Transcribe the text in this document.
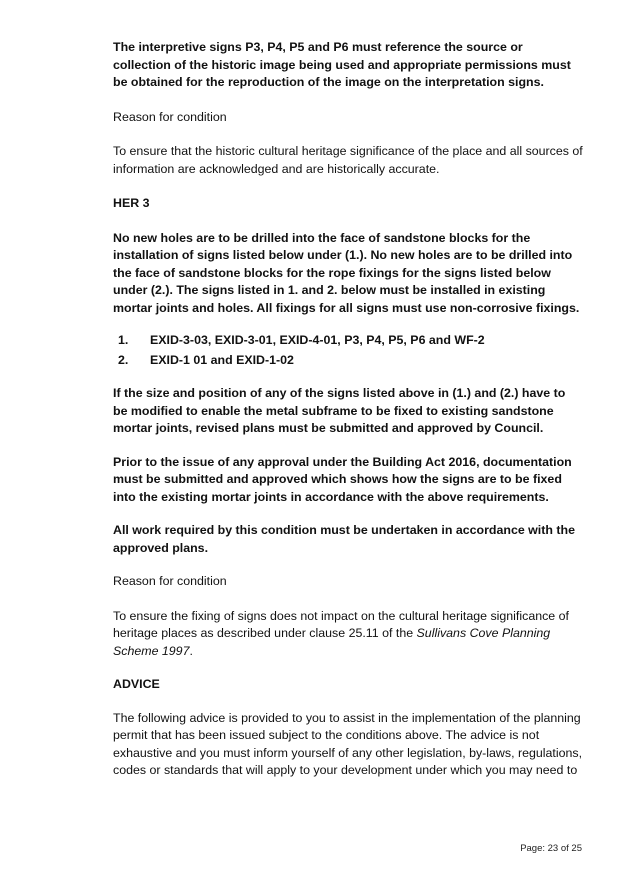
The interpretive signs P3, P4, P5 and P6 must reference the source or collection of the historic image being used and appropriate permissions must be obtained for the reproduction of the image on the interpretation signs.

Reason for condition

To ensure that the historic cultural heritage significance of the place and all sources of information are acknowledged and are historically accurate.

HER 3

No new holes are to be drilled into the face of sandstone blocks for the installation of signs listed below under (1.). No new holes are to be drilled into the face of sandstone blocks for the rope fixings for the signs listed below under (2.). The signs listed in 1. and 2. below must be installed in existing mortar joints and holes. All fixings for all signs must use non-corrosive fixings.

1.	EXID-3-03, EXID-3-01, EXID-4-01, P3, P4, P5, P6 and WF-2
2.	EXID-1 01 and EXID-1-02

If the size and position of any of the signs listed above in (1.) and (2.) have to be modified to enable the metal subframe to be fixed to existing sandstone mortar joints, revised plans must be submitted and approved by Council.

Prior to the issue of any approval under the Building Act 2016, documentation must be submitted and approved which shows how the signs are to be fixed into the existing mortar joints in accordance with the above requirements.

All work required by this condition must be undertaken in accordance with the approved plans.

Reason for condition

To ensure the fixing of signs does not impact on the cultural heritage significance of heritage places as described under clause 25.11 of the Sullivans Cove Planning Scheme 1997.

ADVICE

The following advice is provided to you to assist in the implementation of the planning permit that has been issued subject to the conditions above. The advice is not exhaustive and you must inform yourself of any other legislation, by-laws, regulations, codes or standards that will apply to your development under which you may need to

Page: 23 of 25
